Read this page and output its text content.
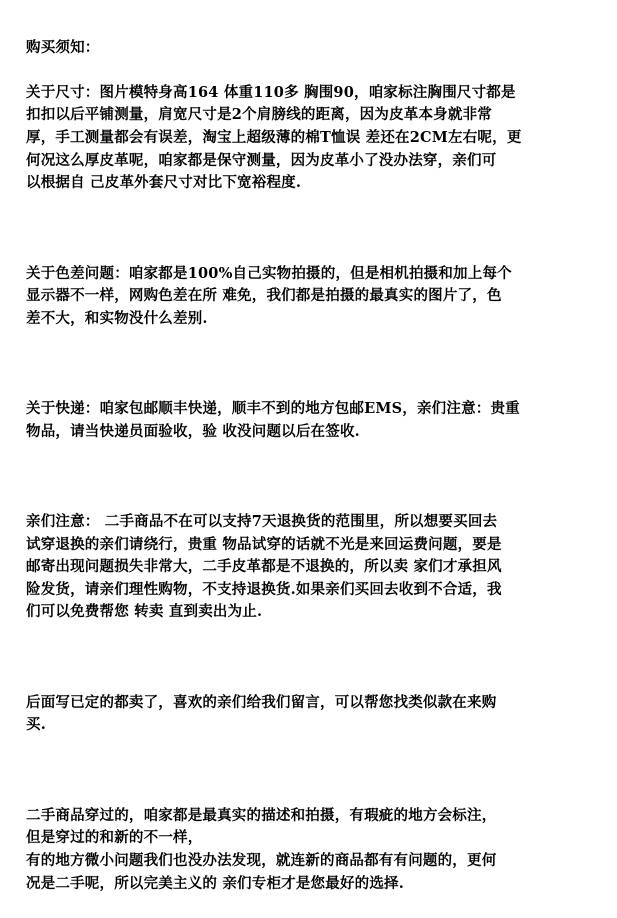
购买须知：

关于尺寸：图片模特身高164 体重110多 胸围90，咱家标注胸围尺寸都是
扣扣以后平铺测量，肩宽尺寸是2个肩膀线的距离，因为皮革本身就非常
厚，手工测量都会有误差，淘宝上超级薄的棉T恤误 差还在2CM左右呢，更
何况这么厚皮革呢，咱家都是保守测量，因为皮革小了没办法穿，亲们可
以根据自 己皮革外套尺寸对比下宽裕程度.

关于色差问题：咱家都是100%自己实物拍摄的，但是相机拍摄和加上每个
显示器不一样，网购色差在所 难免，我们都是拍摄的最真实的图片了，色
差不大，和实物没什么差别.

关于快递：咱家包邮顺丰快递，顺丰不到的地方包邮EMS，亲们注意：贵重
物品，请当快递员面验收，验 收没问题以后在签收.

亲们注意： 二手商品不在可以支持7天退换货的范围里，所以想要买回去
试穿退换的亲们请绕行，贵重 物品试穿的话就不光是来回运费问题，要是
邮寄出现问题损失非常大，二手皮革都是不退换的，所以卖 家们才承担风
险发货，请亲们理性购物，不支持退换货.如果亲们买回去收到不合适，我
们可以免费帮您 转卖 直到卖出为止.

后面写已定的都卖了，喜欢的亲们给我们留言，可以帮您找类似款在来购
买.

二手商品穿过的，咱家都是最真实的描述和拍摄，有瑕疵的地方会标注，
但是穿过的和新的不一样，
有的地方微小问题我们也没办法发现，就连新的商品都有有问题的，更何
况是二手呢，所以完美主义的 亲们专柜才是您最好的选择.
